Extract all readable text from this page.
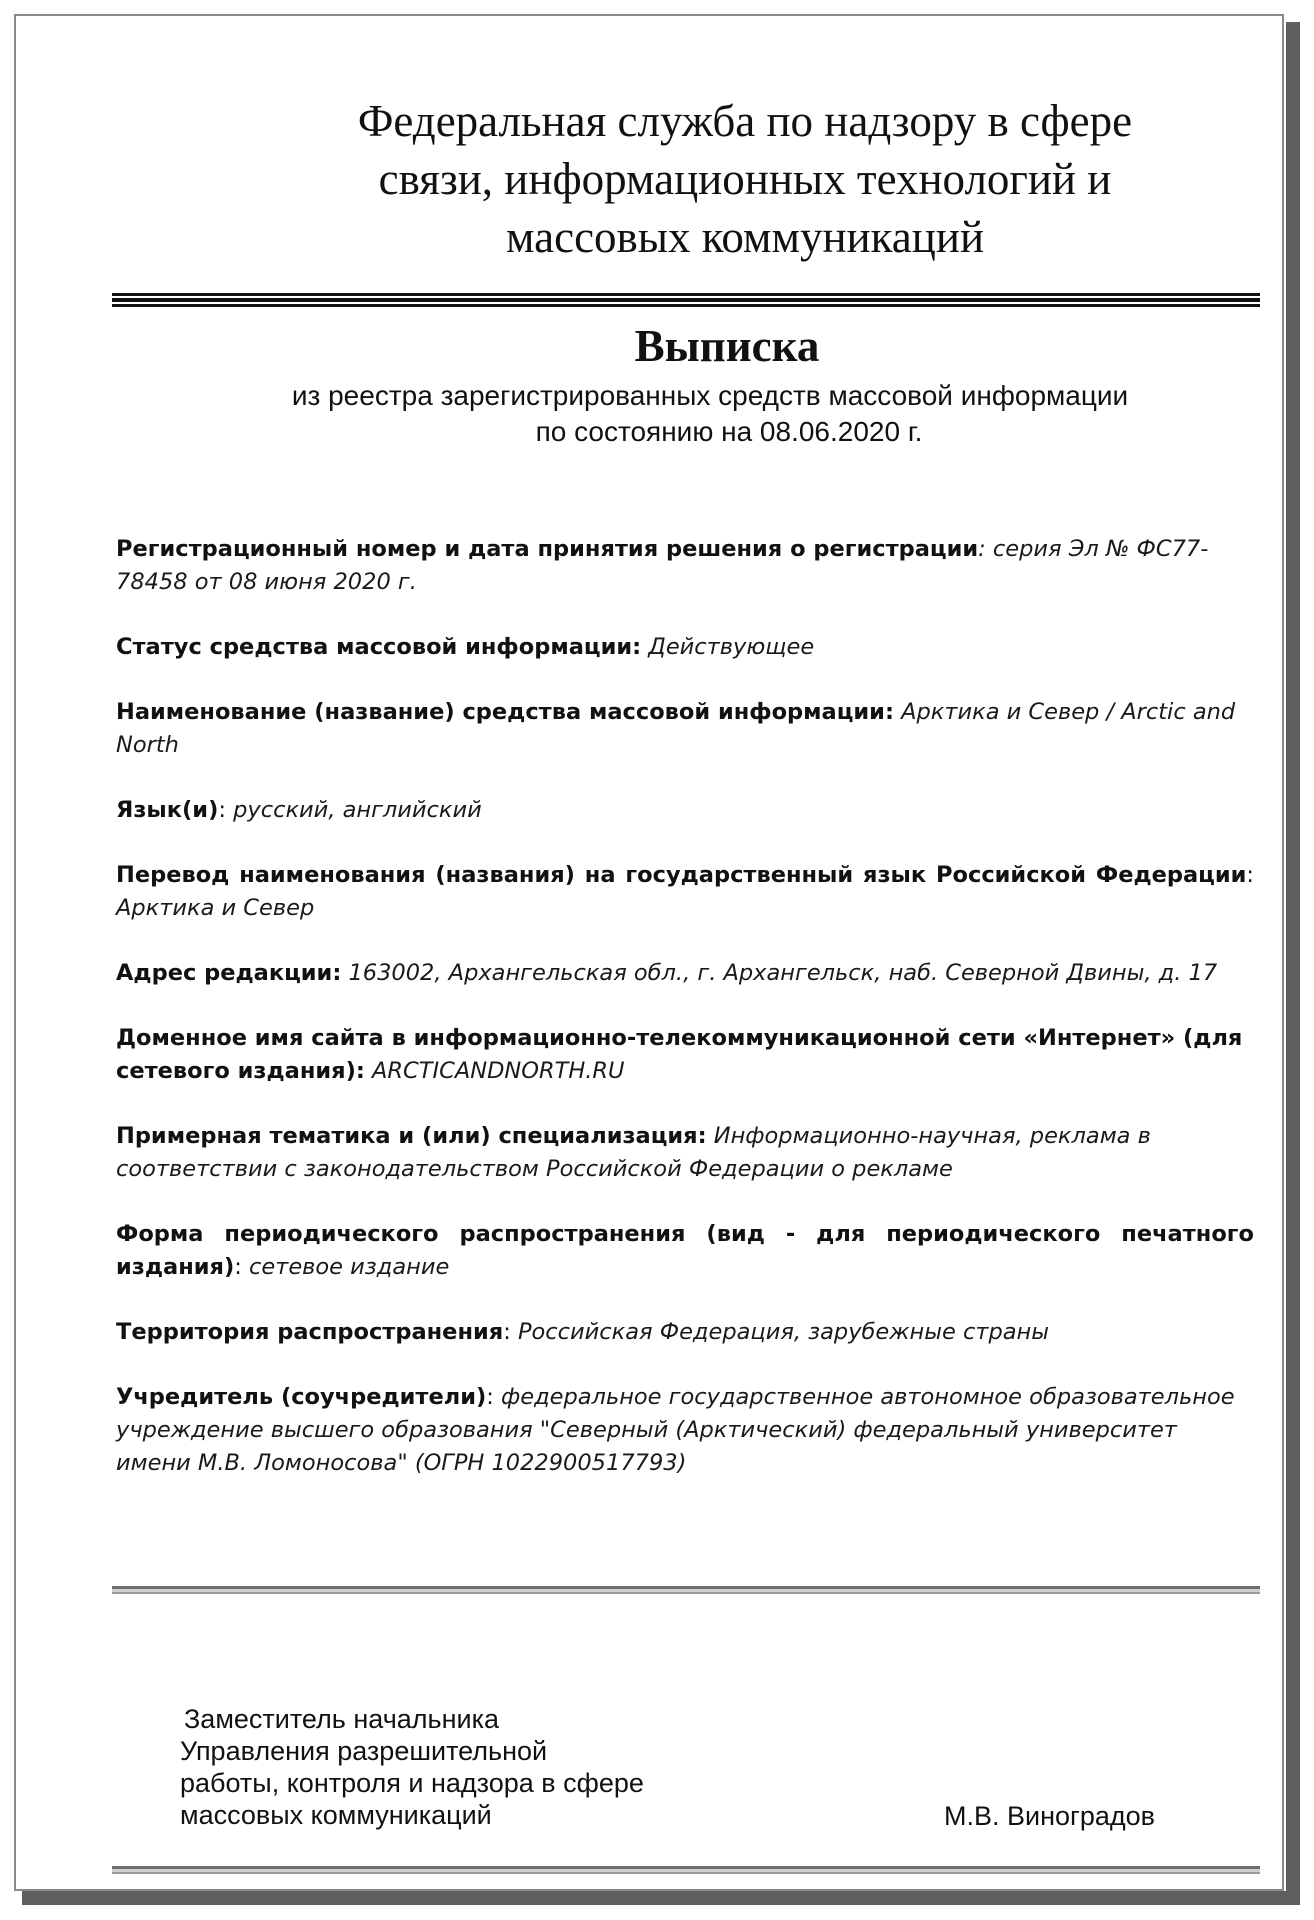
Федеральная служба по надзору в сфере
связи, информационных технологий и
массовых коммуникаций
Выписка
из реестра зарегистрированных средств массовой информации
по состоянию на 08.06.2020 г.
Регистрационный номер и дата принятия решения о регистрации: серия Эл № ФС77-78458 от 08 июня 2020 г.
Статус средства массовой информации: Действующее
Наименование (название) средства массовой информации: Арктика и Север / Arctic and North
Язык(и): русский, английский
Перевод наименования (названия) на государственный язык Российской Федерации: Арктика и Север
Адрес редакции: 163002, Архангельская обл., г. Архангельск, наб. Северной Двины, д. 17
Доменное имя сайта в информационно-телекоммуникационной сети «Интернет» (для сетевого издания): ARCTICANDNORTH.RU
Примерная тематика и (или) специализация: Информационно-научная, реклама в соответствии с законодательством Российской Федерации о рекламе
Форма периодического распространения (вид - для периодического печатного издания): сетевое издание
Территория распространения: Российская Федерация, зарубежные страны
Учредитель (соучредители): федеральное государственное автономное образовательное учреждение высшего образования "Северный (Арктический) федеральный университет имени М.В. Ломоносова" (ОГРН 1022900517793)
Заместитель начальника
Управления разрешительной
работы, контроля и надзора в сфере
массовых коммуникаций	М.В. Виноградов
